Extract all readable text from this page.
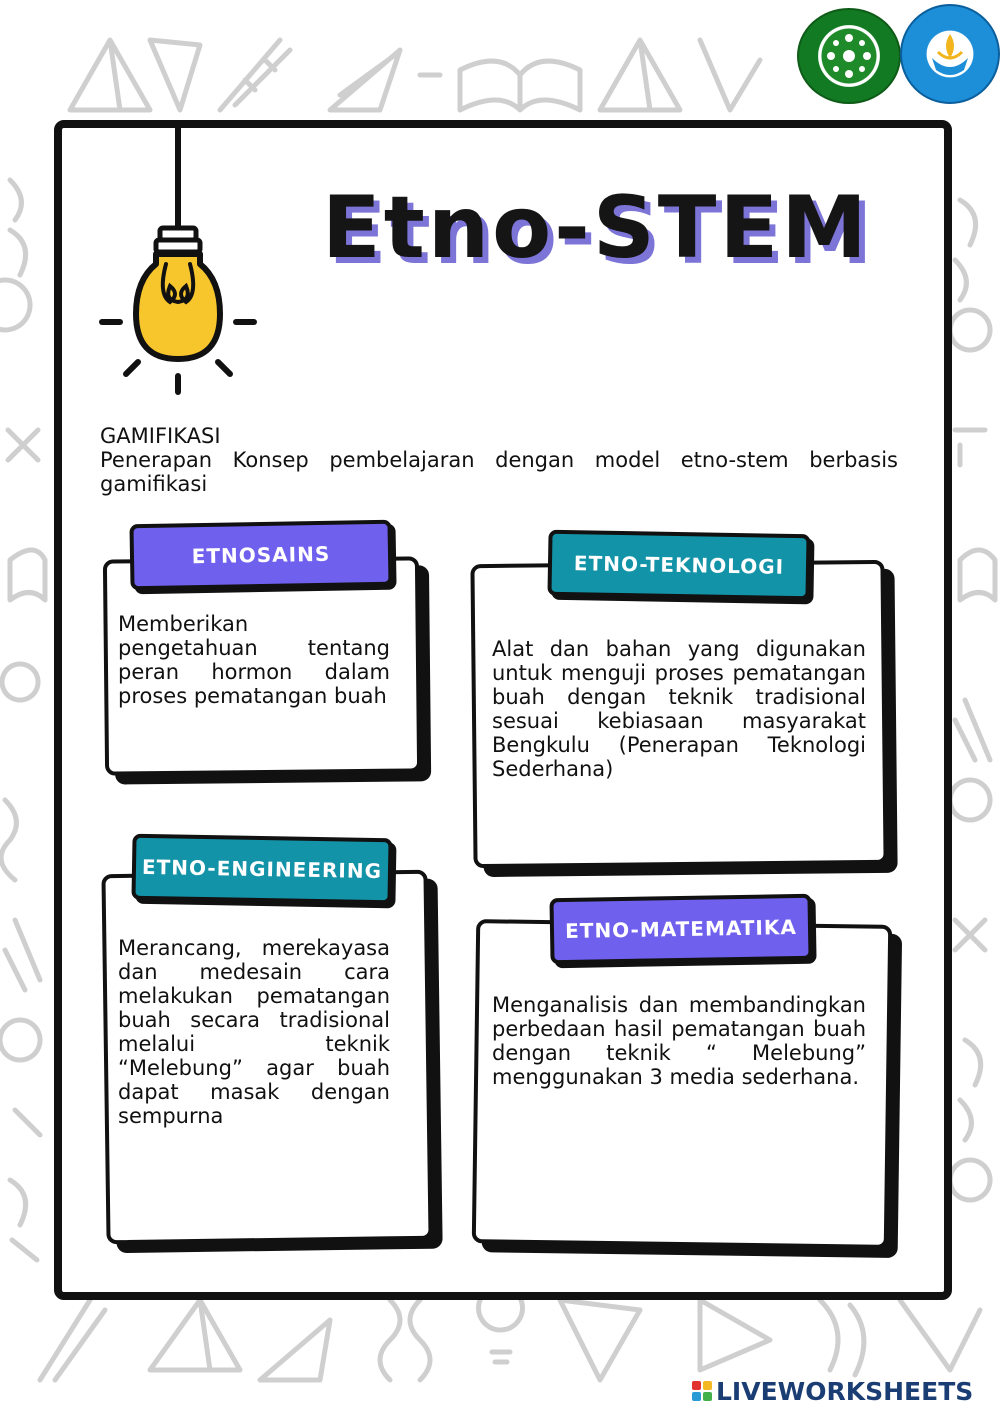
Etno-STEM
GAMIFIKASI
Penerapan Konsep pembelajaran dengan model etno-stem berbasis gamifikasi
ETNOSAINS
Memberikan pengetahuan tentang peran hormon dalam proses pematangan buah
ETNO-TEKNOLOGI
Alat dan bahan yang digunakan untuk menguji proses pematangan buah dengan teknik tradisional sesuai kebiasaan masyarakat Bengkulu (Penerapan Teknologi Sederhana)
ETNO-ENGINEERING
Merancang, merekayasa dan medesain cara melakukan pematangan buah secara tradisional melalui teknik “Melebung” agar buah dapat masak dengan sempurna
ETNO-MATEMATIKA
Menganalisis dan membandingkan perbedaan hasil pematangan buah dengan teknik “ Melebung” menggunakan 3 media sederhana.
LIVEWORKSHEETS
